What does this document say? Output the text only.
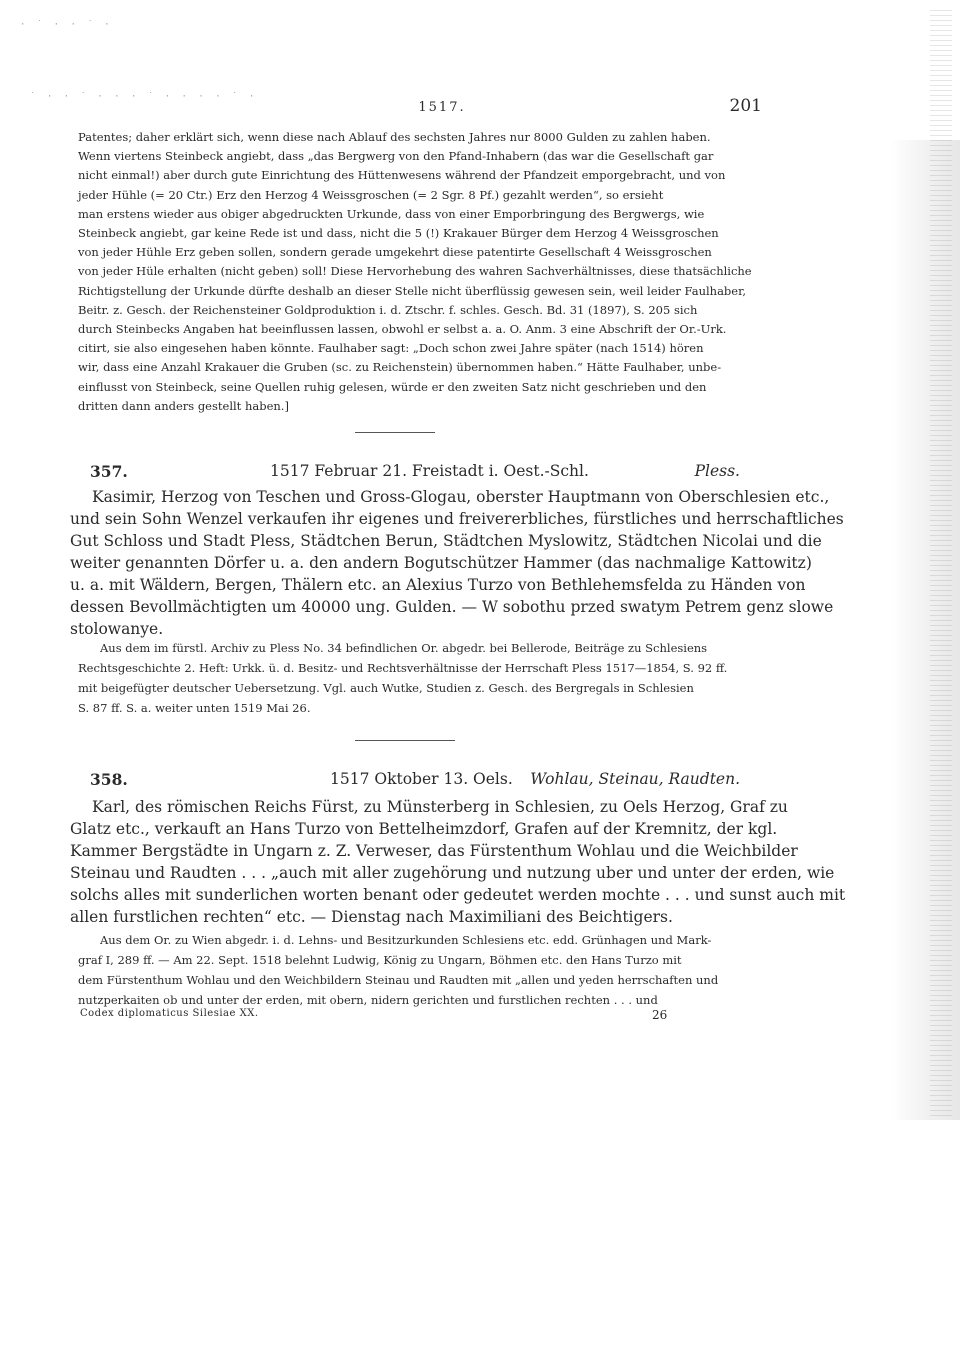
· ˙ · · ˙ ·
˙ · · ˙ · · · ˙ · · · · ˙ ·
1517.	201
Patentes; daher erklärt sich, wenn diese nach Ablauf des sechsten Jahres nur 8000 Gulden zu zahlen haben.
Wenn viertens Steinbeck angiebt, dass „das Bergwerg von den Pfand-Inhabern (das war die Gesellschaft gar
nicht einmal!) aber durch gute Einrichtung des Hüttenwesens während der Pfandzeit emporgebracht, und von
jeder Hühle (= 20 Ctr.) Erz den Herzog 4 Weissgroschen (= 2 Sgr. 8 Pf.) gezahlt werden“, so ersieht
man erstens wieder aus obiger abgedruckten Urkunde, dass von einer Emporbringung des Bergwergs, wie
Steinbeck angiebt, gar keine Rede ist und dass, nicht die 5 (!) Krakauer Bürger dem Herzog 4 Weissgroschen
von jeder Hühle Erz geben sollen, sondern gerade umgekehrt diese patentirte Gesellschaft 4 Weissgroschen
von jeder Hüle erhalten (nicht geben) soll! Diese Hervorhebung des wahren Sachverhältnisses, diese thatsächliche
Richtigstellung der Urkunde dürfte deshalb an dieser Stelle nicht überflüssig gewesen sein, weil leider Faulhaber,
Beitr. z. Gesch. der Reichensteiner Goldproduktion i. d. Ztschr. f. schles. Gesch. Bd. 31 (1897), S. 205 sich
durch Steinbecks Angaben hat beeinflussen lassen, obwohl er selbst a. a. O. Anm. 3 eine Abschrift der Or.-Urk.
citirt, sie also eingesehen haben könnte. Faulhaber sagt: „Doch schon zwei Jahre später (nach 1514) hören
wir, dass eine Anzahl Krakauer die Gruben (sc. zu Reichenstein) übernommen haben.“ Hätte Faulhaber, unbe-
einflusst von Steinbeck, seine Quellen ruhig gelesen, würde er den zweiten Satz nicht geschrieben und den
dritten dann anders gestellt haben.]
357.	1517 Februar 21. Freistadt i. Oest.-Schl.	Pless.
Kasimir, Herzog von Teschen und Gross-Glogau, oberster Hauptmann von Oberschlesien etc.,
und sein Sohn Wenzel verkaufen ihr eigenes und freivererbliches, fürstliches und herrschaftliches
Gut Schloss und Stadt Pless, Städtchen Berun, Städtchen Myslowitz, Städtchen Nicolai und die
weiter genannten Dörfer u. a. den andern Bogutschützer Hammer (das nachmalige Kattowitz)
u. a. mit Wäldern, Bergen, Thälern etc. an Alexius Turzo von Bethlehemsfelda zu Händen von
dessen Bevollmächtigten um 40000 ung. Gulden. — W sobothu przed swatym Petrem genz slowe
stolowanye.
Aus dem im fürstl. Archiv zu Pless No. 34 befindlichen Or. abgedr. bei Bellerode, Beiträge zu Schlesiens
Rechtsgeschichte 2. Heft: Urkk. ü. d. Besitz- und Rechtsverhältnisse der Herrschaft Pless 1517—1854, S. 92 ff.
mit beigefügter deutscher Uebersetzung. Vgl. auch Wutke, Studien z. Gesch. des Bergregals in Schlesien
S. 87 ff. S. a. weiter unten 1519 Mai 26.
358.	1517 Oktober 13. Oels. Wohlau, Steinau, Raudten.
Karl, des römischen Reichs Fürst, zu Münsterberg in Schlesien, zu Oels Herzog, Graf zu
Glatz etc., verkauft an Hans Turzo von Bettelheimzdorf, Grafen auf der Kremnitz, der kgl.
Kammer Bergstädte in Ungarn z. Z. Verweser, das Fürstenthum Wohlau und die Weichbilder
Steinau und Raudten . . . „auch mit aller zugehörung und nutzung uber und unter der erden, wie
solchs alles mit sunderlichen worten benant oder gedeutet werden mochte . . . und sunst auch mit
allen furstlichen rechten“ etc. — Dienstag nach Maximiliani des Beichtigers.
Aus dem Or. zu Wien abgedr. i. d. Lehns- und Besitzurkunden Schlesiens etc. edd. Grünhagen und Mark-
graf I, 289 ff. — Am 22. Sept. 1518 belehnt Ludwig, König zu Ungarn, Böhmen etc. den Hans Turzo mit
dem Fürstenthum Wohlau und den Weichbildern Steinau und Raudten mit „allen und yeden herrschaften und
nutzperkaiten ob und unter der erden, mit obern, nidern gerichten und furstlichen rechten . . . und
Codex diplomaticus Silesiae XX.	26
